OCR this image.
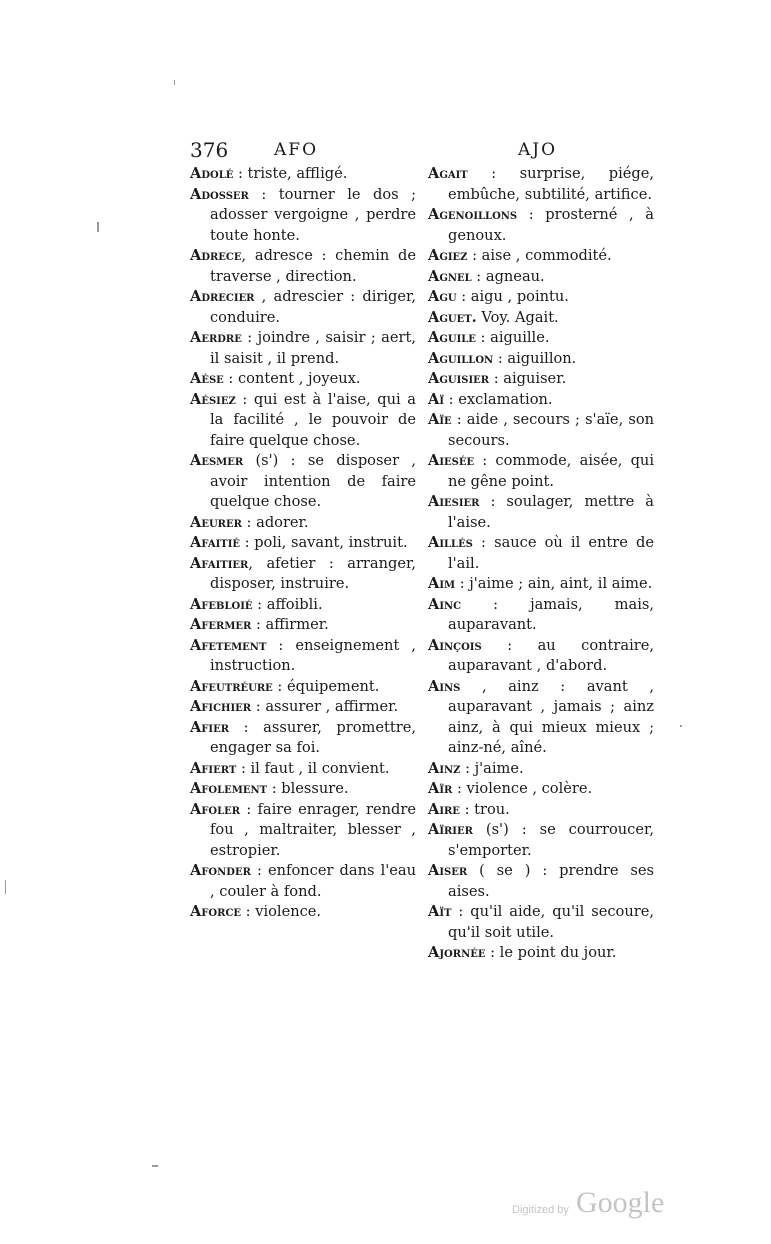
376	AFO	AJO

Adolé : triste, affligé.

Adosser : tourner le dos ; adosser vergoigne , perdre toute honte.

Adrece, adresce : chemin de traverse , direction.

Adrecier , adrescier : diriger, conduire.

Aerdre : joindre , saisir ; aert, il saisit , il prend.

Aése : content , joyeux.

Aésiez : qui est à l'aise, qui a la facilité , le pouvoir de faire quelque chose.

Aesmer (s') : se disposer , avoir intention de faire quelque chose.

Aeurer : adorer.

Afaitié : poli, savant, instruit.

Afaitier, afetier : arranger, disposer, instruire.

Afebloié : affoibli.

Afermer : affirmer.

Afetement : enseignement , instruction.

Afeutréure : équipement.

Afichier : assurer , affirmer.

Afier : assurer, promettre, engager sa foi.

Afiert : il faut , il convient.

Afolement : blessure.

Afoler : faire enrager, rendre fou , maltraiter, blesser , estropier.

Afonder : enfoncer dans l'eau , couler à fond.

Aforce : violence.

Agait : surprise, piége, embûche, subtilité, artifice.

Agenoillons : prosterné , à genoux.

Agiez : aise , commodité.

Agnel : agneau.

Agu : aigu , pointu.

Aguet. Voy. Agait.

Aguile : aiguille.

Aguillon : aiguillon.

Aguisier : aiguiser.

Aï : exclamation.

Aïe : aide , secours ; s'aïe, son secours.

Aiesée : commode, aisée, qui ne gêne point.

Aiesier : soulager, mettre à l'aise.

Aillés : sauce où il entre de l'ail.

Aim : j'aime ; ain, aint, il aime.

Ainc : jamais, mais, auparavant.

Ainçois : au contraire, auparavant , d'abord.

Ains , ainz : avant , auparavant , jamais ; ainz ainz, à qui mieux mieux ; ainz-né, aîné.

Ainz : j'aime.

Aïr : violence , colère.

Aire : trou.

Aïrier (s') : se courroucer, s'emporter.

Aiser ( se ) : prendre ses aises.

Aït : qu'il aide, qu'il secoure, qu'il soit utile.

Ajornée : le point du jour.

Digitized by Google
